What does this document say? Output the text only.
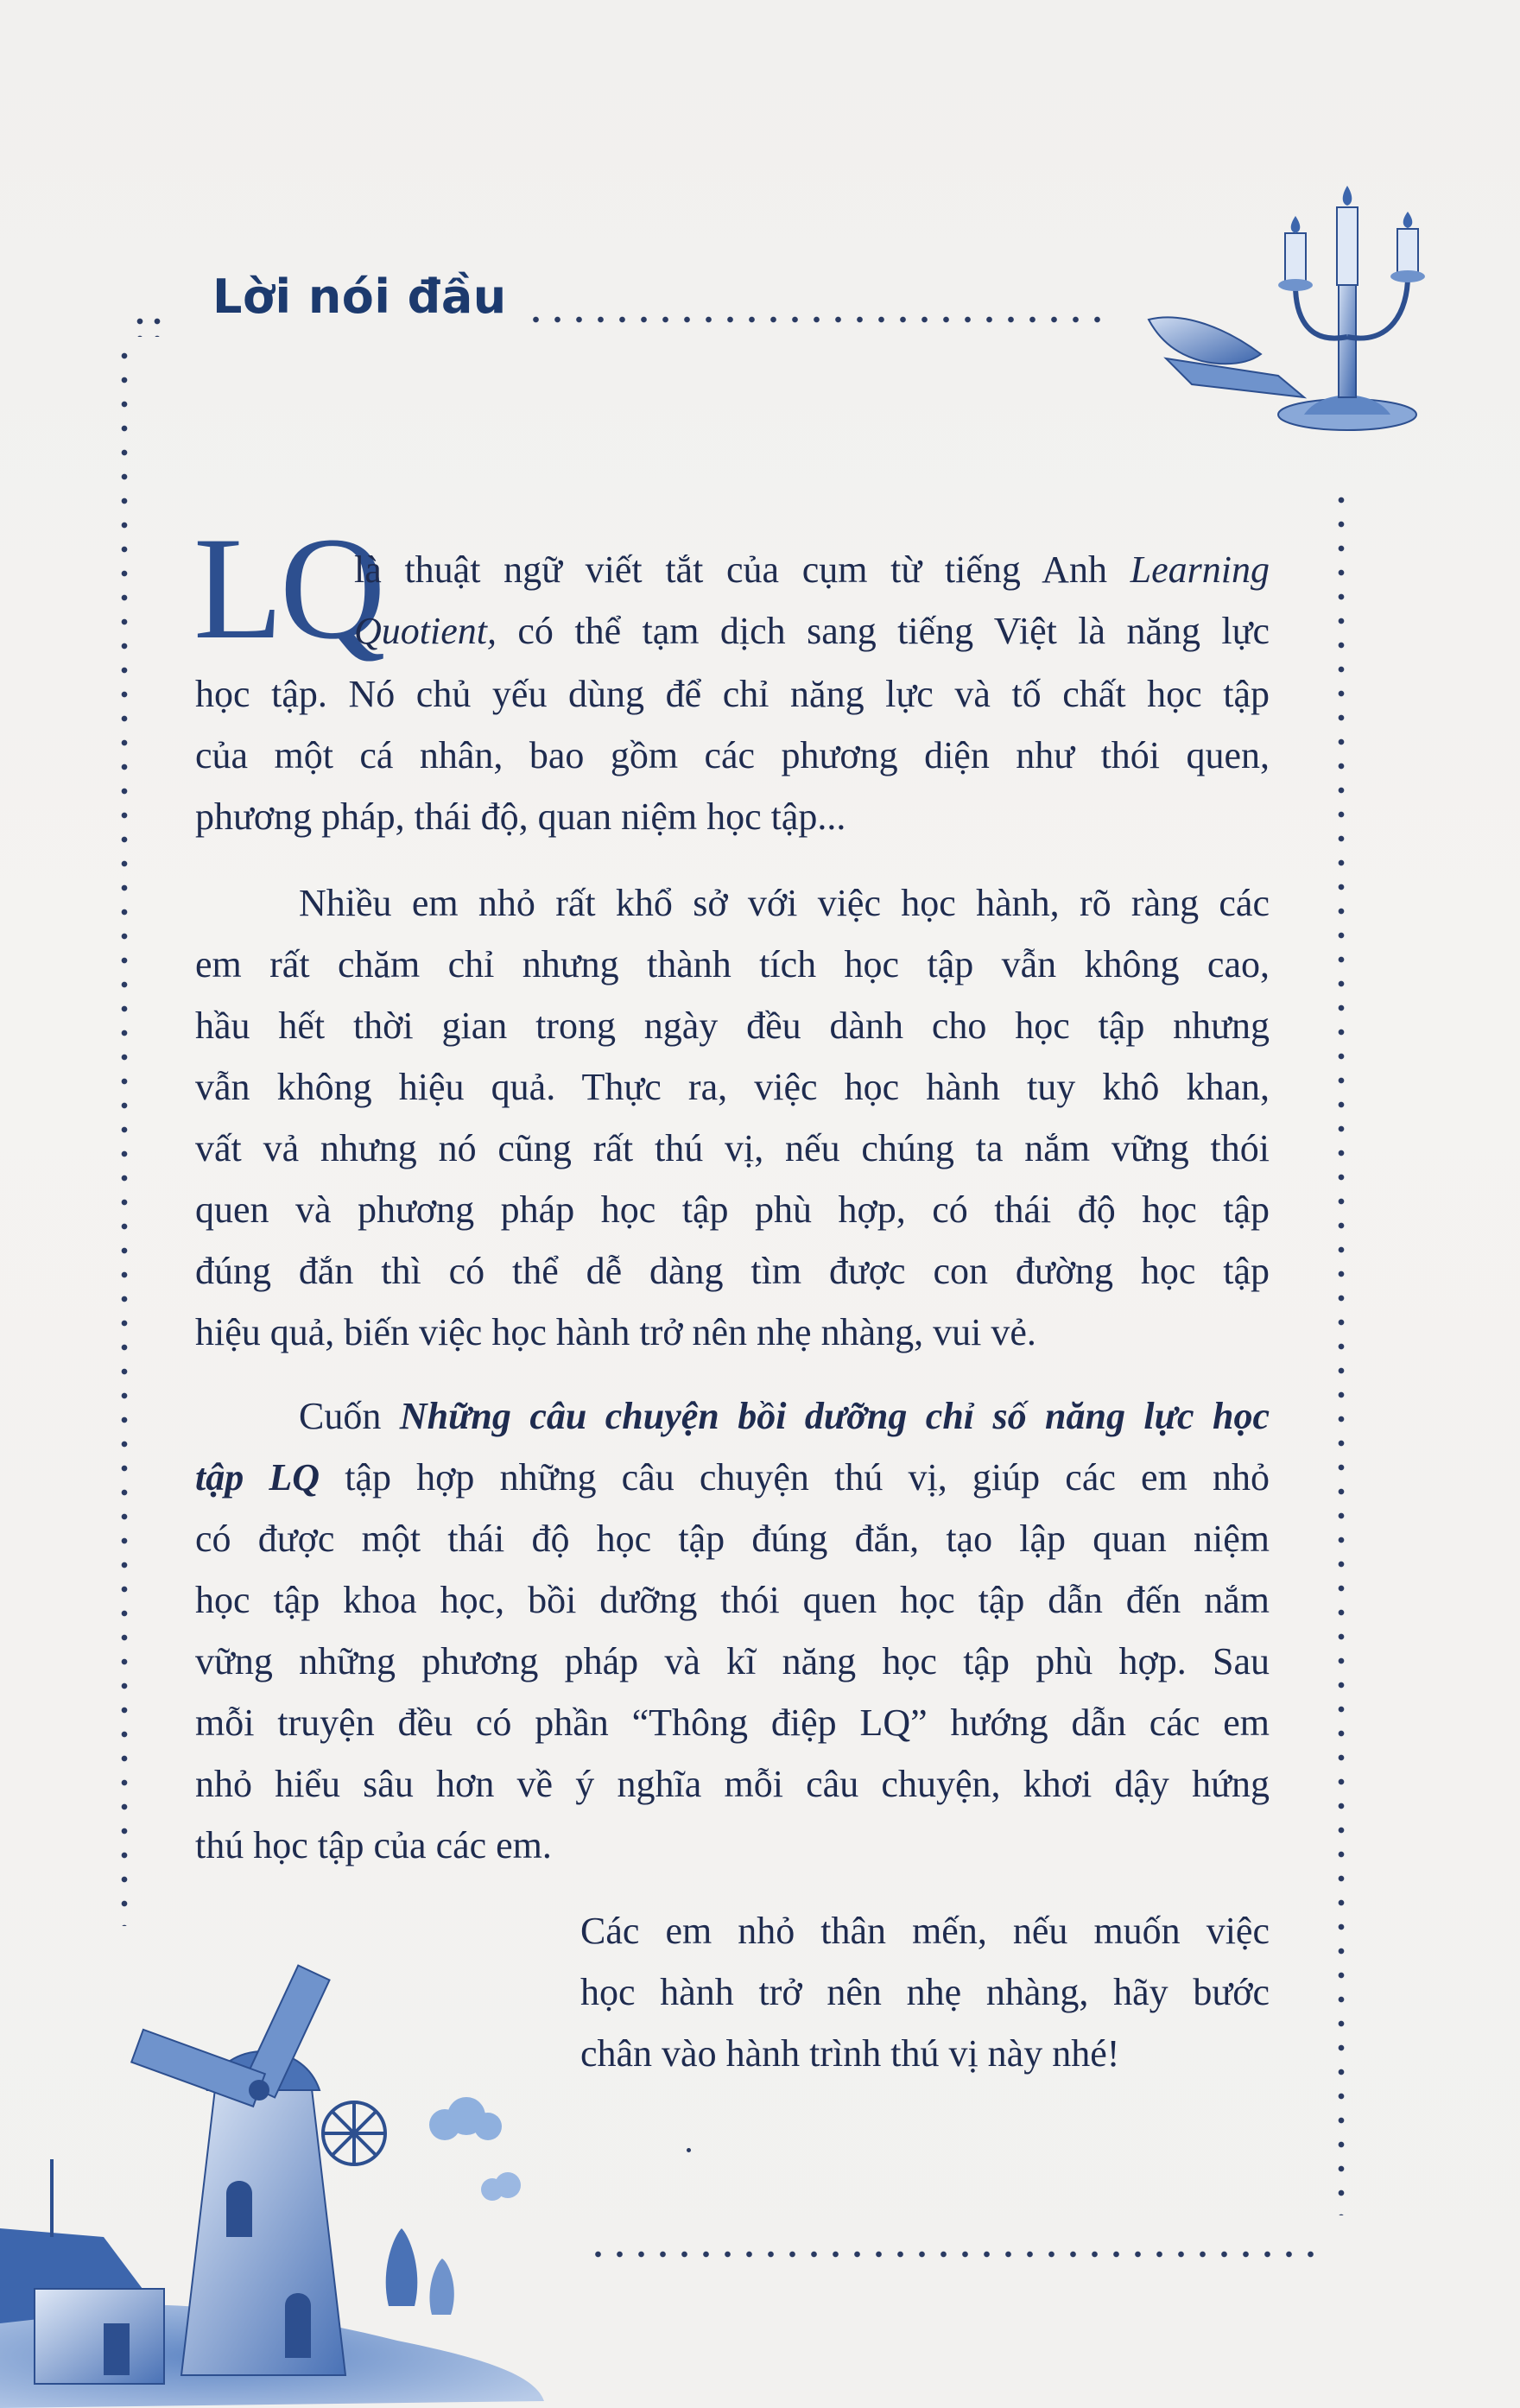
Lời nói đầu
LQ

là thuật ngữ viết tắt của cụm từ tiếng Anh Learning
Quotient, có thể tạm dịch sang tiếng Việt là năng lực

học tập. Nó chủ yếu dùng để chỉ năng lực và tố chất học tập
của một cá nhân, bao gồm các phương diện như thói quen,
phương pháp, thái độ, quan niệm học tập...

Nhiều em nhỏ rất khổ sở với việc học hành, rõ ràng các
em rất chăm chỉ nhưng thành tích học tập vẫn không cao,
hầu hết thời gian trong ngày đều dành cho học tập nhưng
vẫn không hiệu quả. Thực ra, việc học hành tuy khô khan,
vất vả nhưng nó cũng rất thú vị, nếu chúng ta nắm vững thói
quen và phương pháp học tập phù hợp, có thái độ học tập
đúng đắn thì có thể dễ dàng tìm được con đường học tập
hiệu quả, biến việc học hành trở nên nhẹ nhàng, vui vẻ.

Cuốn Những câu chuyện bồi dưỡng chỉ số năng lực học
tập LQ tập hợp những câu chuyện thú vị, giúp các em nhỏ
có được một thái độ học tập đúng đắn, tạo lập quan niệm
học tập khoa học, bồi dưỡng thói quen học tập dẫn đến nắm
vững những phương pháp và kĩ năng học tập phù hợp. Sau
mỗi truyện đều có phần “Thông điệp LQ” hướng dẫn các em
nhỏ hiểu sâu hơn về ý nghĩa mỗi câu chuyện, khơi dậy hứng
thú học tập của các em.

Các em nhỏ thân mến, nếu muốn việc
học hành trở nên nhẹ nhàng, hãy bước
chân vào hành trình thú vị này nhé!
